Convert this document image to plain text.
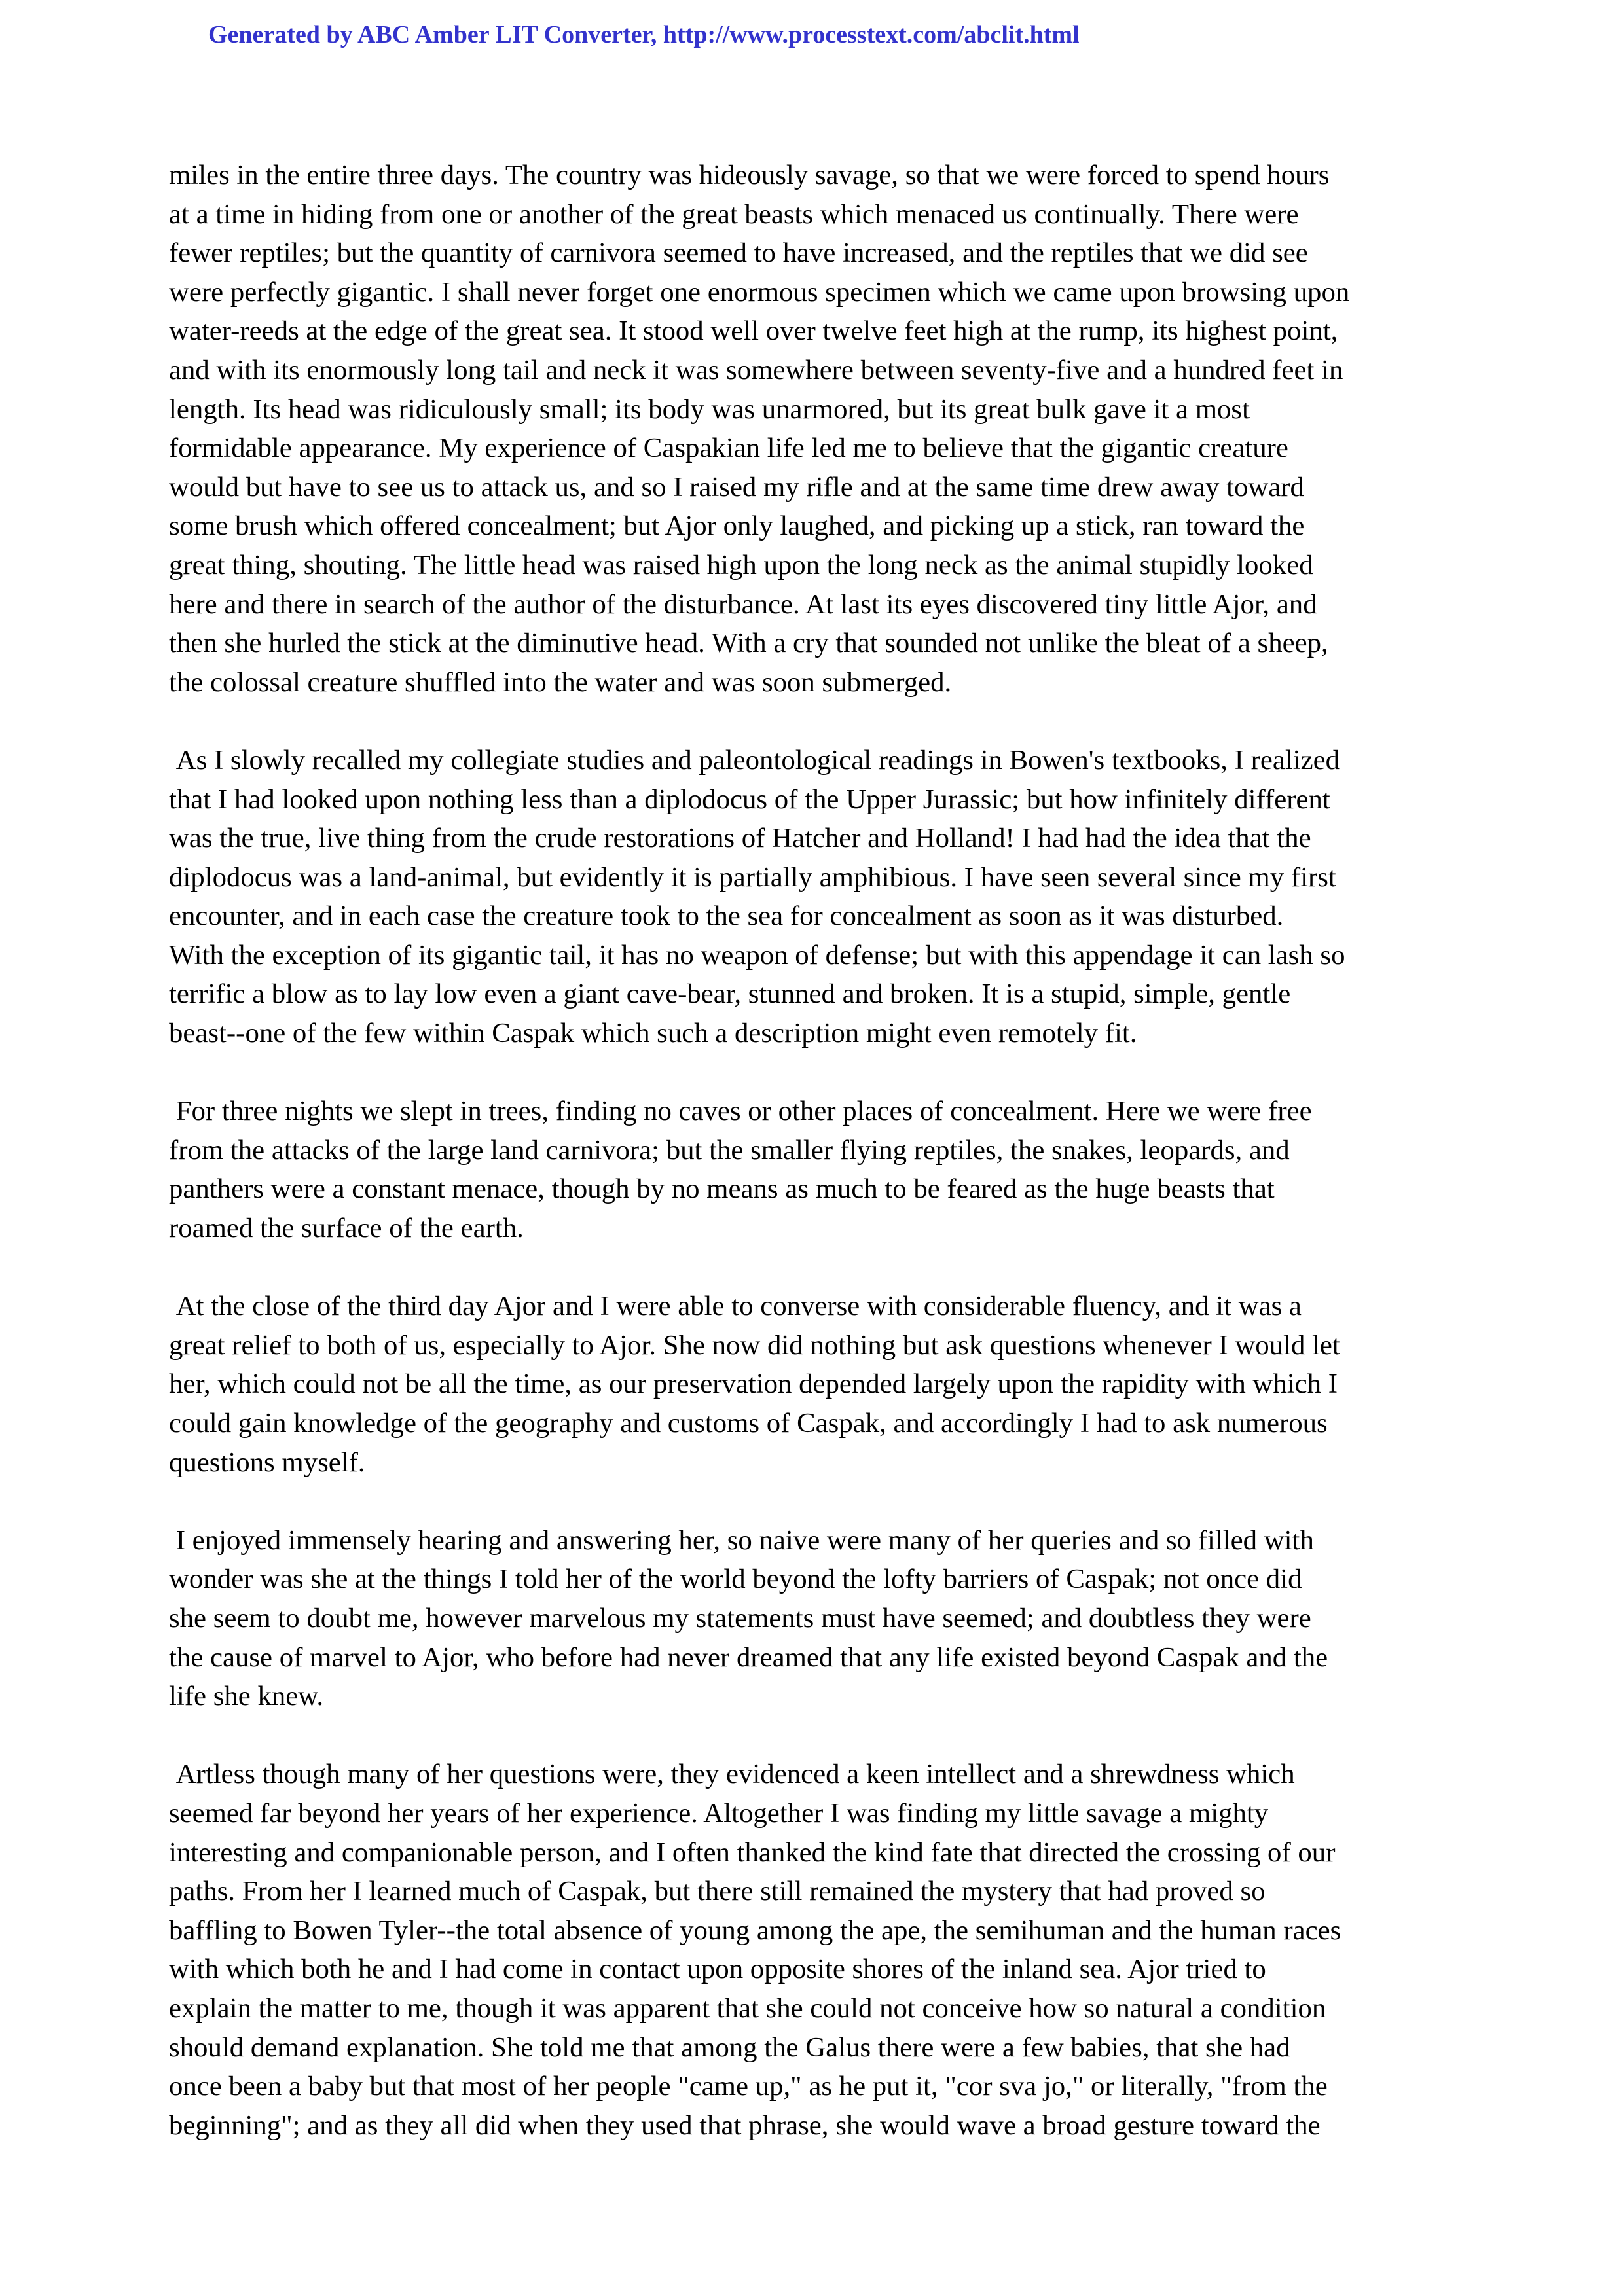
Generated by ABC Amber LIT Converter, http://www.processtext.com/abclit.html
miles in the entire three days. The country was hideously savage, so that we were forced to spend hours
at a time in hiding from one or another of the great beasts which menaced us continually. There were
fewer reptiles; but the quantity of carnivora seemed to have increased, and the reptiles that we did see
were perfectly gigantic. I shall never forget one enormous specimen which we came upon browsing upon
water-reeds at the edge of the great sea. It stood well over twelve feet high at the rump, its highest point,
and with its enormously long tail and neck it was somewhere between seventy-five and a hundred feet in
length. Its head was ridiculously small; its body was unarmored, but its great bulk gave it a most
formidable appearance. My experience of Caspakian life led me to believe that the gigantic creature
would but have to see us to attack us, and so I raised my rifle and at the same time drew away toward
some brush which offered concealment; but Ajor only laughed, and picking up a stick, ran toward the
great thing, shouting. The little head was raised high upon the long neck as the animal stupidly looked
here and there in search of the author of the disturbance. At last its eyes discovered tiny little Ajor, and
then she hurled the stick at the diminutive head. With a cry that sounded not unlike the bleat of a sheep,
the colossal creature shuffled into the water and was soon submerged.
As I slowly recalled my collegiate studies and paleontological readings in Bowen's textbooks, I realized
that I had looked upon nothing less than a diplodocus of the Upper Jurassic; but how infinitely different
was the true, live thing from the crude restorations of Hatcher and Holland! I had had the idea that the
diplodocus was a land-animal, but evidently it is partially amphibious. I have seen several since my first
encounter, and in each case the creature took to the sea for concealment as soon as it was disturbed.
With the exception of its gigantic tail, it has no weapon of defense; but with this appendage it can lash so
terrific a blow as to lay low even a giant cave-bear, stunned and broken. It is a stupid, simple, gentle
beast--one of the few within Caspak which such a description might even remotely fit.
For three nights we slept in trees, finding no caves or other places of concealment. Here we were free
from the attacks of the large land carnivora; but the smaller flying reptiles, the snakes, leopards, and
panthers were a constant menace, though by no means as much to be feared as the huge beasts that
roamed the surface of the earth.
At the close of the third day Ajor and I were able to converse with considerable fluency, and it was a
great relief to both of us, especially to Ajor. She now did nothing but ask questions whenever I would let
her, which could not be all the time, as our preservation depended largely upon the rapidity with which I
could gain knowledge of the geography and customs of Caspak, and accordingly I had to ask numerous
questions myself.
I enjoyed immensely hearing and answering her, so naive were many of her queries and so filled with
wonder was she at the things I told her of the world beyond the lofty barriers of Caspak; not once did
she seem to doubt me, however marvelous my statements must have seemed; and doubtless they were
the cause of marvel to Ajor, who before had never dreamed that any life existed beyond Caspak and the
life she knew.
Artless though many of her questions were, they evidenced a keen intellect and a shrewdness which
seemed far beyond her years of her experience. Altogether I was finding my little savage a mighty
interesting and companionable person, and I often thanked the kind fate that directed the crossing of our
paths. From her I learned much of Caspak, but there still remained the mystery that had proved so
baffling to Bowen Tyler--the total absence of young among the ape, the semihuman and the human races
with which both he and I had come in contact upon opposite shores of the inland sea. Ajor tried to
explain the matter to me, though it was apparent that she could not conceive how so natural a condition
should demand explanation. She told me that among the Galus there were a few babies, that she had
once been a baby but that most of her people "came up," as he put it, "cor sva jo," or literally, "from the
beginning"; and as they all did when they used that phrase, she would wave a broad gesture toward the
